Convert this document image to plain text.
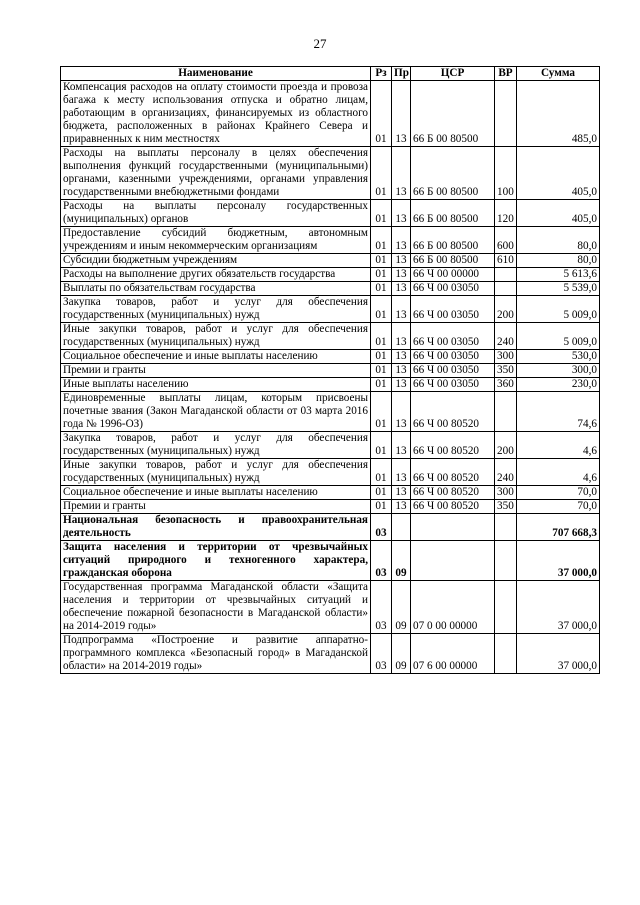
27
Наименование	Рз	Пр	ЦСР	ВР	Сумма
Компенсация расходов на оплату стоимости проезда и провоза багажа к месту использования отпуска и обратно лицам, работающим в организациях, финансируемых из областного бюджета, расположенных в районах Крайнего Севера и приравненных к ним местностях	01	13	66 Б 00 80500		485,0
Расходы на выплаты персоналу в целях обеспечения выполнения функций государственными (муниципальными) органами, казенными учреждениями, органами управления государственными внебюджетными фондами	01	13	66 Б 00 80500	100	405,0
Расходы на выплаты персоналу государственных (муниципальных) органов	01	13	66 Б 00 80500	120	405,0
Предоставление субсидий бюджетным, автономным учреждениям и иным некоммерческим организациям	01	13	66 Б 00 80500	600	80,0
Субсидии бюджетным учреждениям	01	13	66 Б 00 80500	610	80,0
Расходы на выполнение других обязательств государства	01	13	66 Ч 00 00000		5 613,6
Выплаты по обязательствам государства	01	13	66 Ч 00 03050		5 539,0
Закупка товаров, работ и услуг для обеспечения государственных (муниципальных) нужд	01	13	66 Ч 00 03050	200	5 009,0
Иные закупки товаров, работ и услуг для обеспечения государственных (муниципальных) нужд	01	13	66 Ч 00 03050	240	5 009,0
Социальное обеспечение и иные выплаты населению	01	13	66 Ч 00 03050	300	530,0
Премии и гранты	01	13	66 Ч 00 03050	350	300,0
Иные выплаты населению	01	13	66 Ч 00 03050	360	230,0
Единовременные выплаты лицам, которым присвоены почетные звания (Закон Магаданской области от 03 марта 2016 года № 1996-ОЗ)	01	13	66 Ч 00 80520		74,6
Закупка товаров, работ и услуг для обеспечения государственных (муниципальных) нужд	01	13	66 Ч 00 80520	200	4,6
Иные закупки товаров, работ и услуг для обеспечения государственных (муниципальных) нужд	01	13	66 Ч 00 80520	240	4,6
Социальное обеспечение и иные выплаты населению	01	13	66 Ч 00 80520	300	70,0
Премии и гранты	01	13	66 Ч 00 80520	350	70,0
Национальная безопасность и правоохранительная деятельность	03				707 668,3
Защита населения и территории от чрезвычайных ситуаций природного и техногенного характера, гражданская оборона	03	09			37 000,0
Государственная программа Магаданской области «Защита населения и территории от чрезвычайных ситуаций и обеспечение пожарной безопасности в Магаданской области» на 2014-2019 годы»	03	09	07 0 00 00000		37 000,0
Подпрограмма «Построение и развитие аппаратно-программного комплекса «Безопасный город» в Магаданской области» на 2014-2019 годы»	03	09	07 6 00 00000		37 000,0
